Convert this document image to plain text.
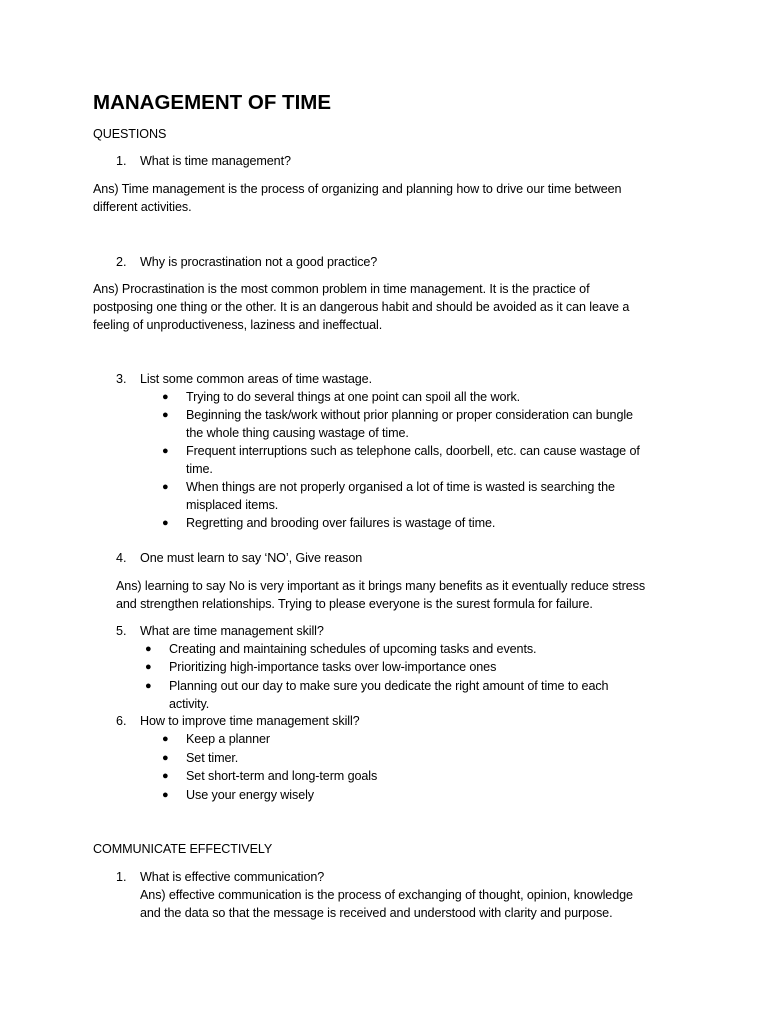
MANAGEMENT OF TIME

QUESTIONS

1. What is time management?

Ans) Time management is the process of organizing and planning how to drive our time between

different activities.

2. Why is procrastination not a good practice?

Ans) Procrastination is the most common problem in time management. It is the practice of

postposing one thing or the other. It is an dangerous habit and should be avoided as it can leave a

feeling of unproductiveness, laziness and ineffectual.

3. List some common areas of time wastage.

● Trying to do several things at one point can spoil all the work.

● Beginning the task/work without prior planning or proper consideration can bungle

the whole thing causing wastage of time.

● Frequent interruptions such as telephone calls, doorbell, etc. can cause wastage of

time.

● When things are not properly organised a lot of time is wasted is searching the

misplaced items.

● Regretting and brooding over failures is wastage of time.

4. One must learn to say ‘NO’, Give reason

Ans) learning to say No is very important as it brings many benefits as it eventually reduce stress

and strengthen relationships. Trying to please everyone is the surest formula for failure.

5. What are time management skill?

● Creating and maintaining schedules of upcoming tasks and events.

● Prioritizing high-importance tasks over low-importance ones

● Planning out our day to make sure you dedicate the right amount of time to each

activity.

6. How to improve time management skill?

● Keep a planner

● Set timer.

● Set short-term and long-term goals

● Use your energy wisely

COMMUNICATE EFFECTIVELY

1. What is effective communication?

Ans) effective communication is the process of exchanging of thought, opinion, knowledge

and the data so that the message is received and understood with clarity and purpose.
